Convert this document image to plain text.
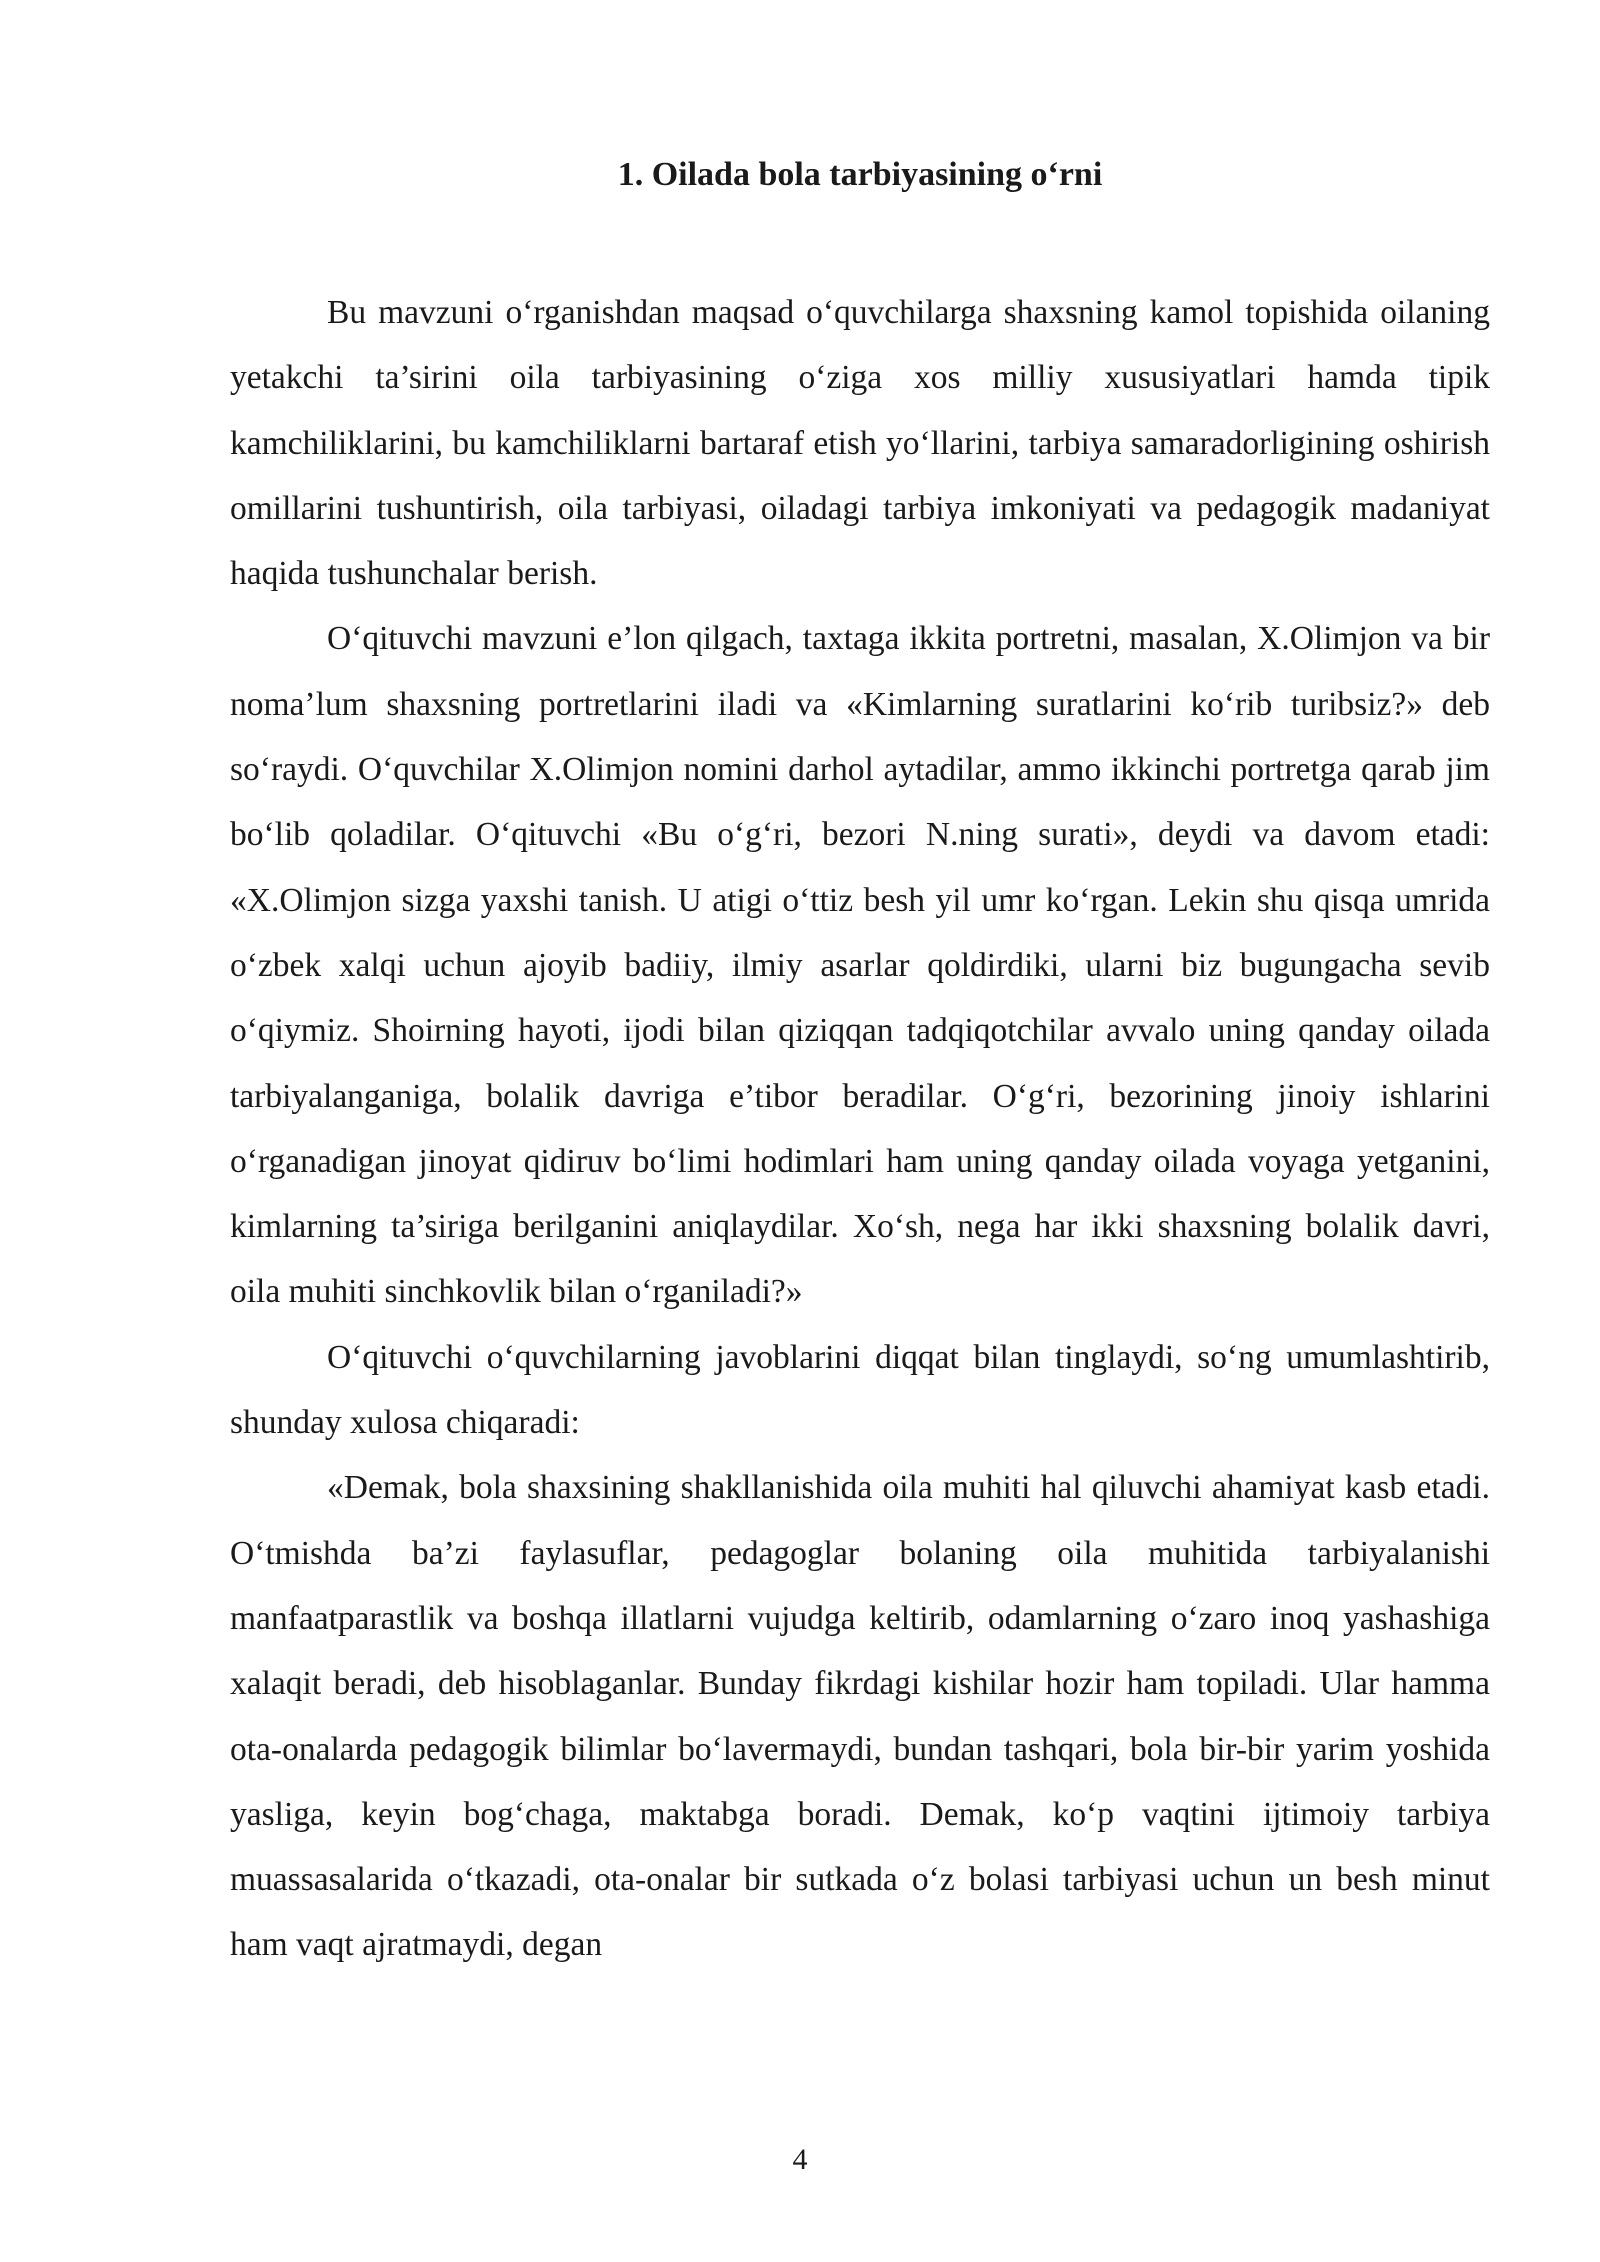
1. Oilada bola tarbiyasining o‘rni

Bu mavzuni o‘rganishdan maqsad o‘quvchilarga shaxsning kamol topishida oilaning yetakchi ta’sirini oila tarbiyasining o‘ziga xos milliy xususiyatlari hamda tipik kamchiliklarini, bu kamchiliklarni bartaraf etish yo‘llarini, tarbiya samaradorligining oshirish omillarini tushuntirish, oila tarbiyasi, oiladagi tarbiya imkoniyati va pedagogik madaniyat haqida tushunchalar berish.

O‘qituvchi mavzuni e’lon qilgach, taxtaga ikkita portretni, masalan, X.Olimjon va bir noma’lum shaxsning portretlarini iladi va «Kimlarning suratlarini ko‘rib turibsiz?» deb so‘raydi. O‘quvchilar X.Olimjon nomini darhol aytadilar, ammo ikkinchi portretga qarab jim bo‘lib qoladilar. O‘qituvchi «Bu o‘g‘ri, bezori N.ning surati», deydi va davom etadi: «X.Olimjon sizga yaxshi tanish. U atigi o‘ttiz besh yil umr ko‘rgan. Lekin shu qisqa umrida o‘zbek xalqi uchun ajoyib badiiy, ilmiy asarlar qoldirdiki, ularni biz bugungacha sevib o‘qiymiz. Shoirning hayoti, ijodi bilan qiziqqan tadqiqotchilar avvalo uning qanday oilada tarbiyalanganiga, bolalik davriga e’tibor beradilar. O‘g‘ri, bezorining jinoiy ishlarini o‘rganadigan jinoyat qidiruv bo‘limi hodimlari ham uning qanday oilada voyaga yetganini, kimlarning ta’siriga berilganini aniqlaydilar. Xo‘sh, nega har ikki shaxsning bolalik davri, oila muhiti sinchkovlik bilan o‘rganiladi?»

O‘qituvchi o‘quvchilarning javoblarini diqqat bilan tinglaydi, so‘ng umumlashtirib, shunday xulosa chiqaradi:

«Demak, bola shaxsining shakllanishida oila muhiti hal qiluvchi ahamiyat kasb etadi. O‘tmishda ba’zi faylasuflar, pedagoglar bolaning oila muhitida tarbiyalanishi manfaatparastlik va boshqa illatlarni vujudga keltirib, odamlarning o‘zaro inoq yashashiga xalaqit beradi, deb hisoblaganlar. Bunday fikrdagi kishilar hozir ham topiladi. Ular hamma ota-onalarda pedagogik bilimlar bo‘lavermaydi, bundan tashqari, bola bir-bir yarim yoshida yasliga, keyin bog‘chaga, maktabga boradi. Demak, ko‘p vaqtini ijtimoiy tarbiya muassasalarida o‘tkazadi, ota-onalar bir sutkada o‘z bolasi tarbiyasi uchun un besh minut ham vaqt ajratmaydi, degan

4
